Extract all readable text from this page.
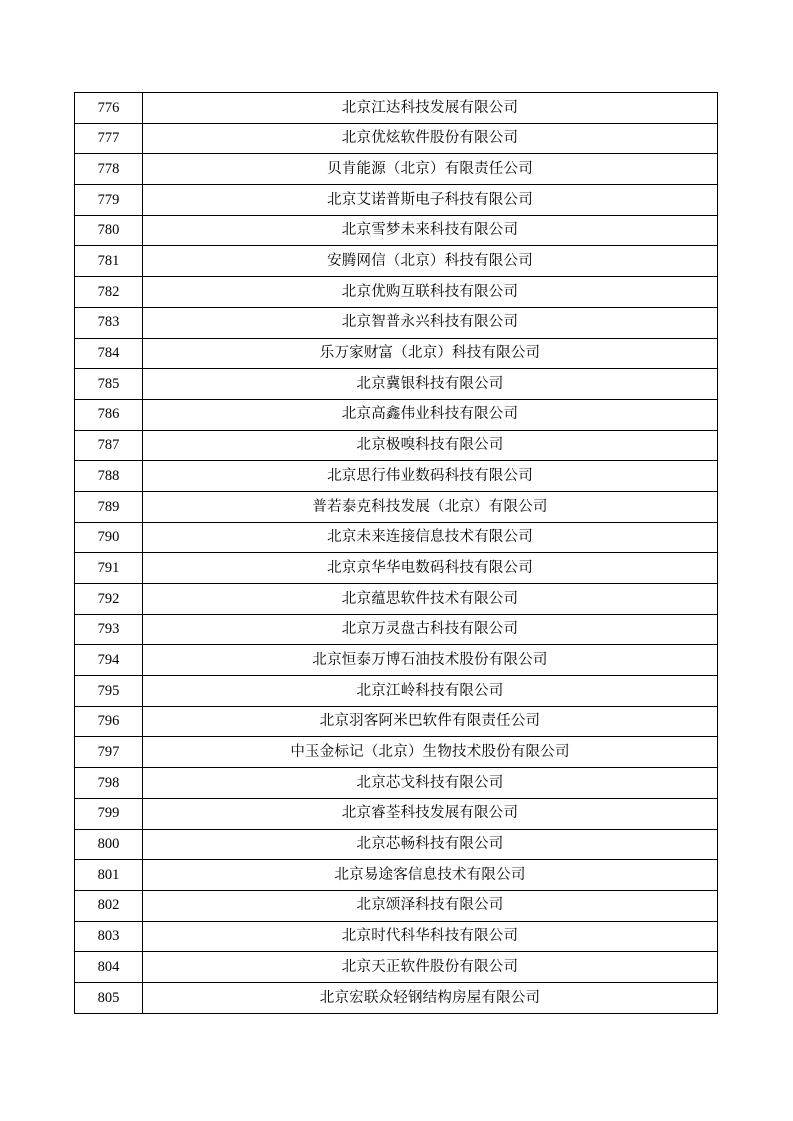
776	北京江达科技发展有限公司
777	北京优炫软件股份有限公司
778	贝肯能源（北京）有限责任公司
779	北京艾诺普斯电子科技有限公司
780	北京雪梦未来科技有限公司
781	安腾网信（北京）科技有限公司
782	北京优购互联科技有限公司
783	北京智普永兴科技有限公司
784	乐万家财富（北京）科技有限公司
785	北京冀银科技有限公司
786	北京高鑫伟业科技有限公司
787	北京极嗅科技有限公司
788	北京思行伟业数码科技有限公司
789	普若泰克科技发展（北京）有限公司
790	北京未来连接信息技术有限公司
791	北京京华华电数码科技有限公司
792	北京蕴思软件技术有限公司
793	北京万灵盘古科技有限公司
794	北京恒泰万博石油技术股份有限公司
795	北京江岭科技有限公司
796	北京羽客阿米巴软件有限责任公司
797	中玉金标记（北京）生物技术股份有限公司
798	北京芯戈科技有限公司
799	北京睿荃科技发展有限公司
800	北京芯畅科技有限公司
801	北京易途客信息技术有限公司
802	北京颂泽科技有限公司
803	北京时代科华科技有限公司
804	北京天正软件股份有限公司
805	北京宏联众轻钢结构房屋有限公司
